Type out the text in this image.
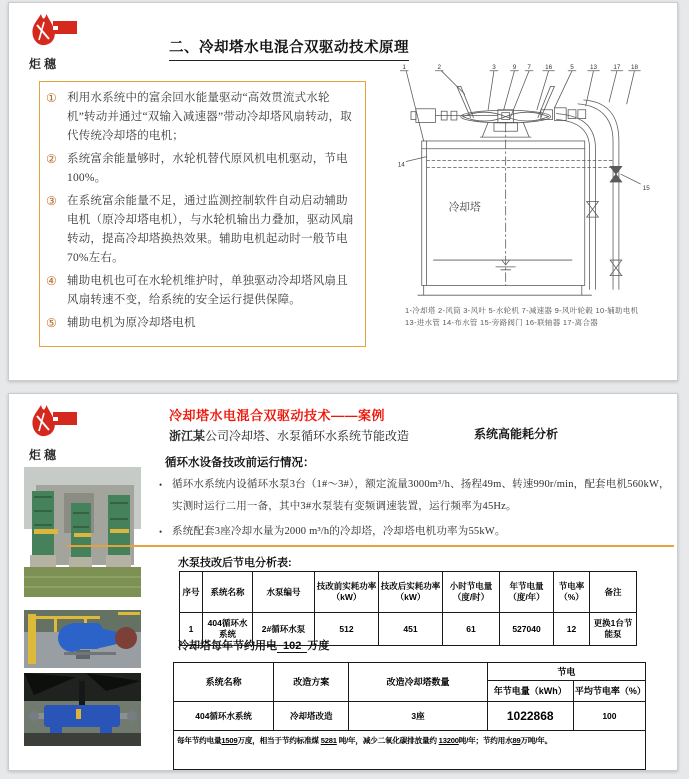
炬穗
二、冷却塔水电混合双驱动技术原理
① 利用水系统中的富余回水能量驱动“高效贯流式水轮机”转动并通过“双输入减速器”带动冷却塔风扇转动，取代传统冷却塔的电机；
② 系统富余能量够时，水轮机替代原风机电机驱动，节电100%。
③ 在系统富余能量不足，通过监测控制软件自动启动辅助电机（原冷却塔电机），与水轮机输出力叠加，驱动风扇转动，提高冷却塔换热效果。辅助电机起动时一般节电70%左右。
④ 辅助电机也可在水轮机维护时，单独驱动冷却塔风扇且风扇转速不变，给系统的安全运行提供保障。
⑤ 辅助电机为原冷却塔电机
1	2	3	9 7 16	5 13	17 18
14
15
冷却塔
1-冷却塔 2-风筒 3-风叶 5-水轮机 7-减速器 9-风叶轮毂 10-辅助电机
13-进水管 14-布水管 15-旁路阀门 16-联轴器 17-离合器
炬穗
冷却塔水电混合双驱动技术——案例
浙江某公司冷却塔、水泵循环水系统节能改造	系统高能耗分析
循环水设备技改前运行情况：
• 循环水系统内设循环水泵3台（1#～3#），额定流量3000m³/h、扬程49m、转速990r/min，配套电机560kW，实测时运行二用一备，其中3#水泵装有变频调速装置，运行频率为45Hz。
• 系统配套3座冷却水量为2000 m³/h的冷却塔，冷却塔电机功率为55kW。
水泵技改后节电分析表:
序号	系统名称	水泵编号	技改前实耗功率（kW）	技改后实耗功率（kW）	小时节电量（度/时）	年节电量（度/年）	节电率（%）	备注
1	404循环水系统	2#循环水泵	512	451	61	527040	12	更换1台节能泵
冷却塔每年节约用电 102 万度
系统名称	改造方案	改造冷却塔数量	节电	
			年节电量（kWh）	平均节电率（%）
404循环水系统	冷却塔改造	3座	1022868	100
每年节约电量1509万度，相当于节约标准煤 5281 吨/年，减少二氧化碳排放量约 13200吨/年；节约用水89万吨/年。				
